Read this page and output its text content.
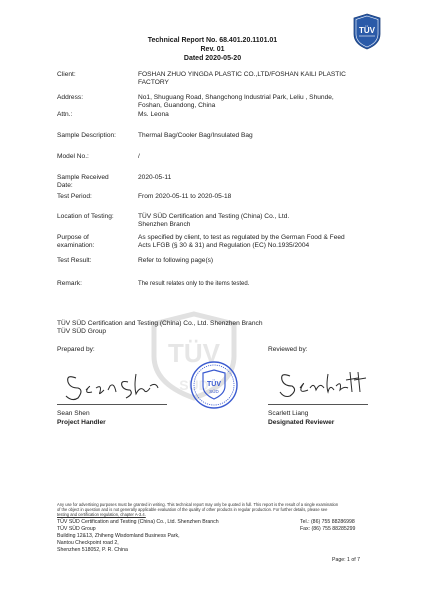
Technical Report No. 68.401.20.1101.01
Rev. 01
Dated 2020-05-20
TÜV
TÜV
SÜD
Client:	FOSHAN ZHUO YINGDA PLASTIC CO.,LTD/FOSHAN KAILI PLASTIC
FACTORY
Address:	No1, Shuguang Road, Shangchong Industrial Park, Leliu , Shunde,
Foshan, Guandong, China
Attn.:	Ms. Leona
Sample Description:	Thermal Bag/Cooler Bag/Insulated Bag
Model No.:	/
Sample Received
Date:
2020-05-11
Test Period:	From 2020-05-11 to 2020-05-18
Location of Testing:	TÜV SÜD Certification and Testing (China) Co., Ltd.
Shenzhen Branch
Purpose of
examination:
As specified by client, to test as regulated by the German Food & Feed
Acts LFGB (§ 30 & 31) and Regulation (EC) No.1935/2004
Test Result:	Refer to following page(s)
Remark:	The result relates only to the items tested.
TÜV SÜD Certification and Testing (China) Co., Ltd. Shenzhen Branch
TÜV SÜD Group
Prepared by:	Reviewed by:
TÜV
SÜD
Sean Shen
Project Handler
Scarlett Liang
Designated Reviewer
Any use for advertising purposes must be granted in writing. This technical report may only be quoted in full. This report is the result of a single examination
of the object in question and is not generally applicable evaluation of the quality of other products in regular production. For further details, please see
testing and certification regulation, chapter A-3.4.
TÜV SÜD Certification and Testing (China) Co., Ltd. Shenzhen Branch
TÜV SÜD Group
Building 12&13, Zhiheng Wisdomland Business Park,
Nantou Checkpoint road 2,
Shenzhen 518052, P. R. China
Tel.: (86) 755 88286998
Fax: (86) 755 88285299
Page: 1 of 7
